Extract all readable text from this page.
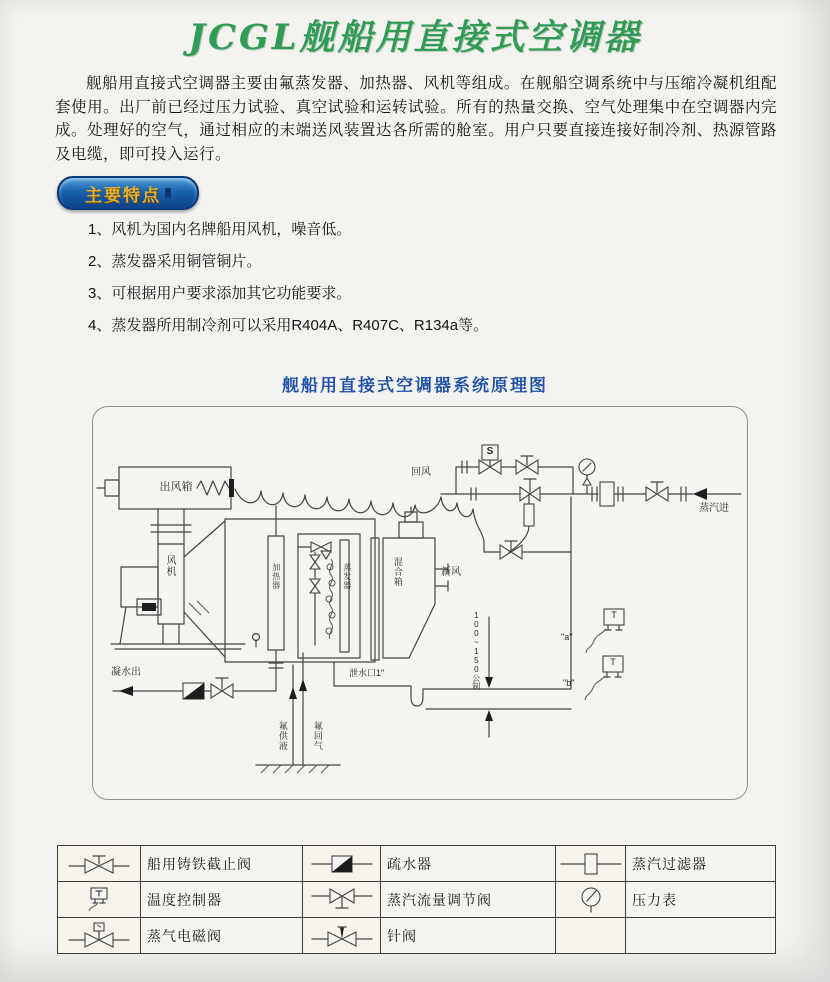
JCGL舰船用直接式空调器
舰船用直接式空调器主要由氟蒸发器、加热器、风机等组成。在舰船空调系统中与压缩冷凝机组配套使用。出厂前已经过压力试验、真空试验和运转试验。所有的热量交换、空气处理集中在空调器内完成。处理好的空气，通过相应的末端送风装置达各所需的舱室。用户只要直接连接好制冷剂、热源管路及电缆，即可投入运行。
主要特点
1、风机为国内名牌船用风机，噪音低。
2、蒸发器采用铜管铜片。
3、可根据用户要求添加其它功能要求。
4、蒸发器所用制冷剂可以采用R404A、R407C、R134a等。
舰船用直接式空调器系统原理图
出风箱
风机	加热器	蒸发器	混合箱	新风
回风
蒸汽进
凝水出	泄水口1"	100~150公制
氟供液	氟回气
"a"
"b"
S
T
T
	船用铸铁截止阀		疏水器		蒸汽过滤器

	温度控制器		蒸汽流量调节阀		压力表

	蒸气电磁阀		针阀		
